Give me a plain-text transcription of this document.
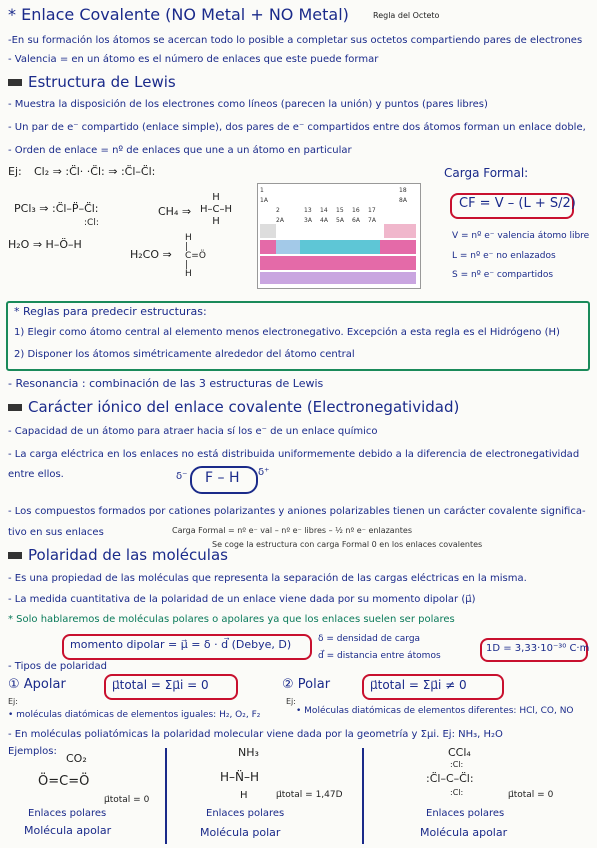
* Enlace Covalente (NO Metal + NO Metal)	Regla del Octeto
-En su formación los átomos se acercan todo lo posible a completar sus octetos compartiendo pares de electrones
- Valencia = en un átomo es el número de enlaces que este puede formar
Estructura de Lewis
- Muestra la disposición de los electrones como líneos (parecen la unión) y puntos (pares libres)
- Un par de e⁻ compartido (enlace simple), dos pares de e⁻ compartidos entre dos átomos forman un enlace doble,
- Orden de enlace = nº de enlaces que une a un átomo en particular
Ej: Cl₂ ⇒ :C̈l· ·C̈l: ⇒ :C̈l–C̈l:
PCl₃ ⇒ :C̈l–P̈–C̈l:
:Cl:
CH₄ ⇒
H
H–C–H
H
H₂O ⇒ H–Ö–H
H₂CO ⇒
H
|
C=Ö
|
H
1
1A
18
8A
2
2A
13
3A
14
4A
15
5A
16
6A
17
7A
Carga Formal:
CF = V – (L + S/2)
V = nº e⁻ valencia átomo libre
L = nº e⁻ no enlazados
S = nº e⁻ compartidos
* Reglas para predecir estructuras:
1) Elegir como átomo central al elemento menos electronegativo. Excepción a esta regla es el Hidrógeno (H)
2) Disponer los átomos simétricamente alrededor del átomo central
- Resonancia : combinación de las 3 estructuras de Lewis
Carácter iónico del enlace covalente (Electronegatividad)
- Capacidad de un átomo para atraer hacia sí los e⁻ de un enlace químico
- La carga eléctrica en los enlaces no está distribuida uniformemente debido a la diferencia de electronegatividad
entre ellos.	δ⁻ F – H δ⁺
- Los compuestos formados por cationes polarizantes y aniones polarizables tienen un carácter covalente significa-
tivo en sus enlaces	Carga Formal = nº e⁻ val – nº e⁻ libres – ½ nº e⁻ enlazantes
Se coge la estructura con carga Formal 0 en los enlaces covalentes
Polaridad de las moléculas
- Es una propiedad de las moléculas que representa la separación de las cargas eléctricas en la misma.
- La medida cuantitativa de la polaridad de un enlace viene dada por su momento dipolar (μ⃗)
* Solo hablaremos de moléculas polares o apolares ya que los enlaces suelen ser polares
momento dipolar = μ⃗ = δ · d⃗ (Debye, D)	δ = densidad de carga
d⃗ = distancia entre átomos
1D = 3,33·10⁻³⁰ C·m
- Tipos de polaridad
① Apolar	μ⃗total = Σμ⃗i = 0
Ej:
• moléculas diatómicas de elementos iguales: H₂, O₂, F₂
② Polar	μ⃗total = Σμ⃗i ≠ 0
Ej:
• Moléculas diatómicas de elementos diferentes: HCl, CO, NO
- En moléculas poliatómicas la polaridad molecular viene dada por la geometría y Σμi. Ej: NH₃, H₂O
Ejemplos:
CO₂
Ö=C=Ö
μ⃗total = 0
Enlaces polares
Molécula apolar
NH₃
H–N̈–H
H	μ⃗total = 1,47D
Enlaces polares
Molécula polar
CCl₄
:Cl:
:C̈l–C–C̈l:
:Cl:	μ⃗total = 0
Enlaces polares
Molécula apolar
